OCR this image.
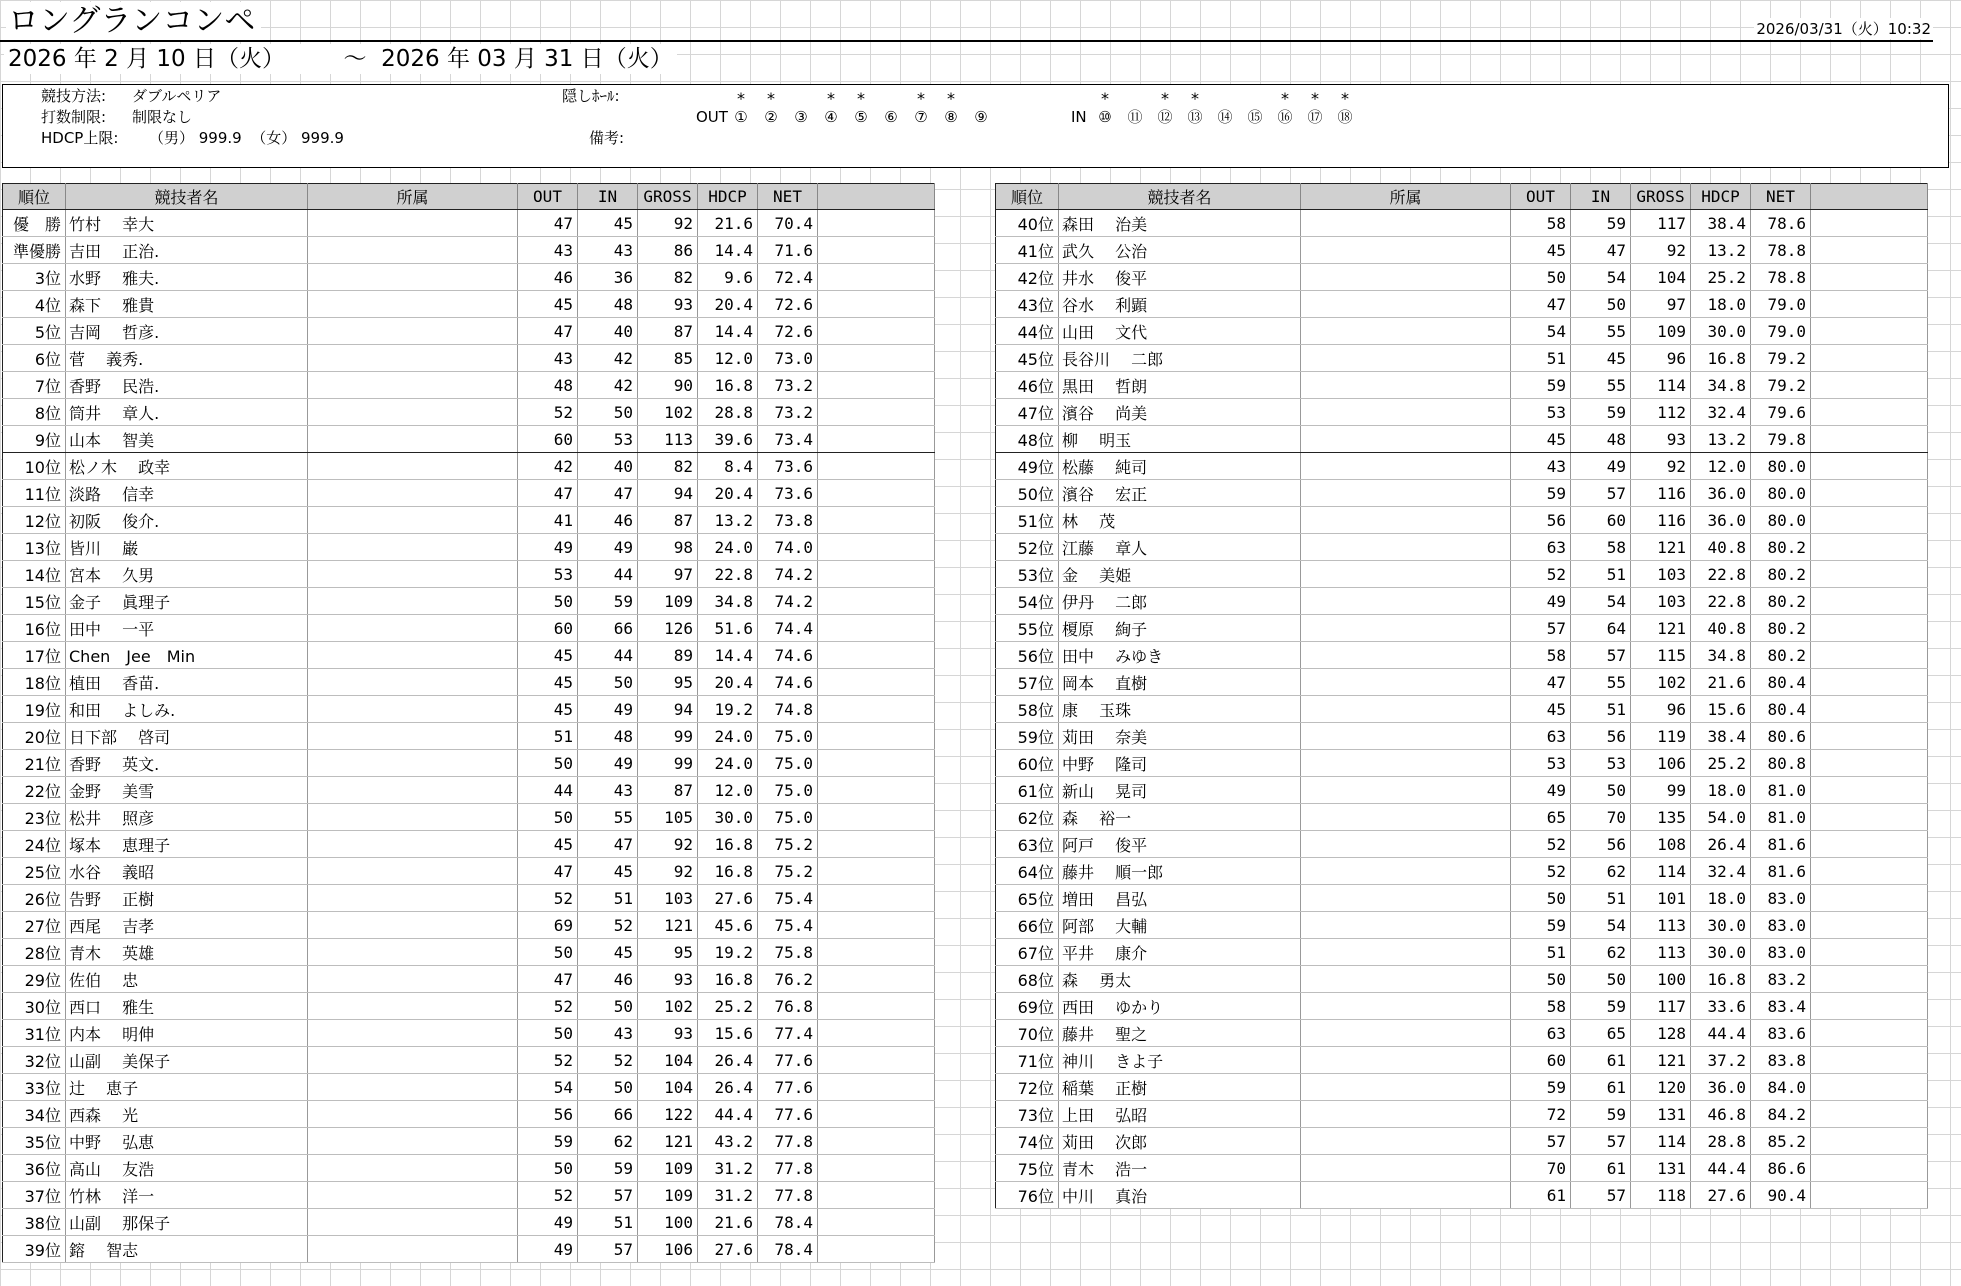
ロングランコンペ	2026/03/31（火）10:32
2026 年 2 月 10 日（火）        ～  2026 年 03 月 31 日（火）
競技方法: ダブルペリア
打数制限: 制限なし
HDCP上限: （男） 999.9  （女） 999.9
隠しﾎｰﾙ:
備考:
OUT	IN
①
*
②
*
③	④
*
⑤
*
⑥	⑦
*
⑧
*
⑨	⑩
*
⑪ ⑫
*
⑬
*
⑭ ⑮ ⑯
*
⑰
*
⑱
*
順位	競技者名	所属	OUT	IN	GROSS	HDCP	NET	
優　勝	竹村　 幸大		47	45	92	21.6	70.4	
準優勝	吉田　 正治.		43	43	86	14.4	71.6	
3位	水野　 雅夫.		46	36	82	9.6	72.4	
4位	森下　 雅貴		45	48	93	20.4	72.6	
5位	吉岡　 哲彦.		47	40	87	14.4	72.6	
6位	菅　 義秀.		43	42	85	12.0	73.0	
7位	香野　 民浩.		48	42	90	16.8	73.2	
8位	筒井　 章人.		52	50	102	28.8	73.2	
9位	山本　 智美		60	53	113	39.6	73.4	
10位	松ノ木　 政幸		42	40	82	8.4	73.6	
11位	淡路　 信幸		47	47	94	20.4	73.6	
12位	初阪　 俊介.		41	46	87	13.2	73.8	
13位	皆川　 巌		49	49	98	24.0	74.0	
14位	宮本　 久男		53	44	97	22.8	74.2	
15位	金子　 眞理子		50	59	109	34.8	74.2	
16位	田中　 一平		60	66	126	51.6	74.4	
17位	Chen　Jee　Min		45	44	89	14.4	74.6	
18位	植田　 香苗.		45	50	95	20.4	74.6	
19位	和田　 よしみ.		45	49	94	19.2	74.8	
20位	日下部　 啓司		51	48	99	24.0	75.0	
21位	香野　 英文.		50	49	99	24.0	75.0	
22位	金野　 美雪		44	43	87	12.0	75.0	
23位	松井　 照彦		50	55	105	30.0	75.0	
24位	塚本　 恵理子		45	47	92	16.8	75.2	
25位	水谷　 義昭		47	45	92	16.8	75.2	
26位	告野　 正樹		52	51	103	27.6	75.4	
27位	西尾　 吉孝		69	52	121	45.6	75.4	
28位	青木　 英雄		50	45	95	19.2	75.8	
29位	佐伯　 忠		47	46	93	16.8	76.2	
30位	西口　 雅生		52	50	102	25.2	76.8	
31位	内本　 明伸		50	43	93	15.6	77.4	
32位	山副　 美保子		52	52	104	26.4	77.6	
33位	辻　 恵子		54	50	104	26.4	77.6	
34位	西森　 光		56	66	122	44.4	77.6	
35位	中野　 弘恵		59	62	121	43.2	77.8	
36位	高山　 友浩		50	59	109	31.2	77.8	
37位	竹林　 洋一		52	57	109	31.2	77.8	
38位	山副　 那保子		49	51	100	21.6	78.4	
39位	鎔　 智志		49	57	106	27.6	78.4	
順位	競技者名	所属	OUT	IN	GROSS	HDCP	NET	
40位	森田　 治美		58	59	117	38.4	78.6	
41位	武久　 公治		45	47	92	13.2	78.8	
42位	井水　 俊平		50	54	104	25.2	78.8	
43位	谷水　 利顕		47	50	97	18.0	79.0	
44位	山田　 文代		54	55	109	30.0	79.0	
45位	長谷川　 二郎		51	45	96	16.8	79.2	
46位	黒田　 哲朗		59	55	114	34.8	79.2	
47位	濱谷　 尚美		53	59	112	32.4	79.6	
48位	柳　 明玉		45	48	93	13.2	79.8	
49位	松藤　 純司		43	49	92	12.0	80.0	
50位	濱谷　 宏正		59	57	116	36.0	80.0	
51位	林　 茂		56	60	116	36.0	80.0	
52位	江藤　 章人		63	58	121	40.8	80.2	
53位	金　 美姫		52	51	103	22.8	80.2	
54位	伊丹　 二郎		49	54	103	22.8	80.2	
55位	榎原　 絢子		57	64	121	40.8	80.2	
56位	田中　 みゆき		58	57	115	34.8	80.2	
57位	岡本　 直樹		47	55	102	21.6	80.4	
58位	康　 玉珠		45	51	96	15.6	80.4	
59位	苅田　 奈美		63	56	119	38.4	80.6	
60位	中野　 隆司		53	53	106	25.2	80.8	
61位	新山　 晃司		49	50	99	18.0	81.0	
62位	森　 裕一		65	70	135	54.0	81.0	
63位	阿戸　 俊平		52	56	108	26.4	81.6	
64位	藤井　 順一郎		52	62	114	32.4	81.6	
65位	増田　 昌弘		50	51	101	18.0	83.0	
66位	阿部　 大輔		59	54	113	30.0	83.0	
67位	平井　 康介		51	62	113	30.0	83.0	
68位	森　 勇太		50	50	100	16.8	83.2	
69位	西田　 ゆかり		58	59	117	33.6	83.4	
70位	藤井　 聖之		63	65	128	44.4	83.6	
71位	神川　 きよ子		60	61	121	37.2	83.8	
72位	稲葉　 正樹		59	61	120	36.0	84.0	
73位	上田　 弘昭		72	59	131	46.8	84.2	
74位	苅田　 次郎		57	57	114	28.8	85.2	
75位	青木　 浩一		70	61	131	44.4	86.6	
76位	中川　 真治		61	57	118	27.6	90.4	
